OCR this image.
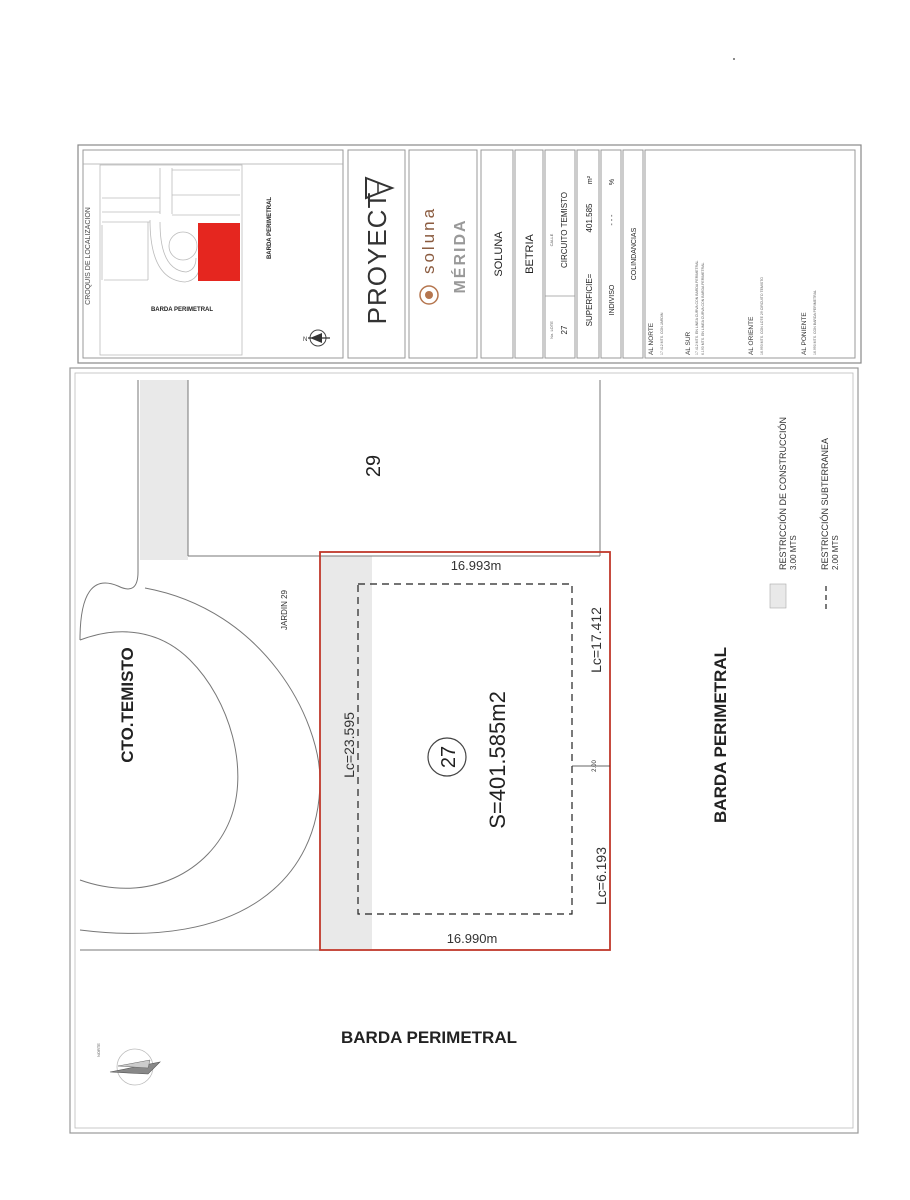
CROQUIS DE LOCALIZACION	BARDA PERIMETRAL
BARDA PERIMETRAL
N
PROYECT soluna MÉRIDA SOLUNA BETRIA
No. LOTE 27
CALLE CIRCUITO TEMISTO
SUPERFICIE=
401.585
m²
INDIVISO
- - -
%
COLINDANCIAS
AL NORTE 17.412 MTS. CON JARDIN	AL SUR 17.412 MTS. EN LINEA CURVA CON BARDA PERIMETRAL 6.193 MTS. EN LINEA CURVA CON BARDA PERIMETRAL	AL ORIENTE 16.993 MTS. CON LOTE 29 CIRCUITO TEMISTO	AL PONIENTE 16.990 MTS. CON BARDA PERIMETRAL
27 S=401.585m2
16.993m
16.990m
Lc=23.595
Lc=17.412
Lc=6.193
2.00
JARDIN 29
29
CTO.TEMISTO	BARDA PERIMETRAL
BARDA PERIMETRAL
NORTE
RESTRICCIÓN DE CONSTRUCCIÓN 3.00 MTS RESTRICCIÓN SUBTERRANEA 2.00 MTS
